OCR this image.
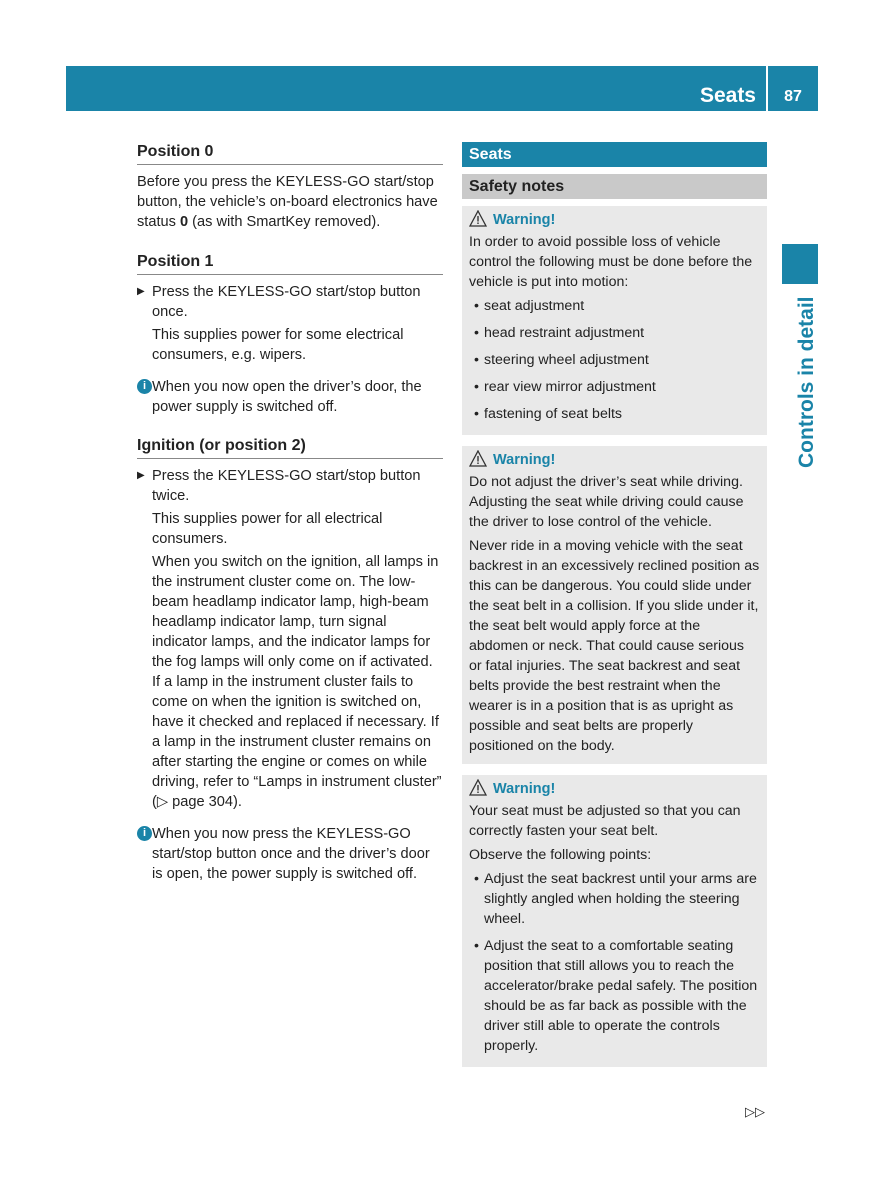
Seats	87
Controls in detail
Position 0

Before you press the KEYLESS-GO start/stop button, the vehicle’s on-board electronics have status 0 (as with SmartKey removed).

Position 1
▶ Press the KEYLESS-GO start/stop button once.

This supplies power for some electrical consumers, e.g. wipers.

i When you now open the driver’s door, the power supply is switched off.
Ignition (or position 2)
▶ Press the KEYLESS-GO start/stop button twice.

This supplies power for all electrical consumers.

When you switch on the ignition, all lamps in the instrument cluster come on. The low-beam headlamp indicator lamp, high-beam headlamp indicator lamp, turn signal indicator lamps, and the indicator lamps for the fog lamps will only come on if activated. If a lamp in the instrument cluster fails to come on when the ignition is switched on, have it checked and replaced if necessary. If a lamp in the instrument cluster remains on after starting the engine or comes on while driving, refer to “Lamps in instrument cluster” (▷ page 304).

i When you now press the KEYLESS-GO start/stop button once and the driver’s door is open, the power supply is switched off.
Seats
Safety notes
Warning!

In order to avoid possible loss of vehicle control the following must be done before the vehicle is put into motion:

• seat adjustment
• head restraint adjustment
• steering wheel adjustment
• rear view mirror adjustment
• fastening of seat belts
Warning!

Do not adjust the driver’s seat while driving. Adjusting the seat while driving could cause the driver to lose control of the vehicle.

Never ride in a moving vehicle with the seat backrest in an excessively reclined position as this can be dangerous. You could slide under the seat belt in a collision. If you slide under it, the seat belt would apply force at the abdomen or neck. That could cause serious or fatal injuries. The seat backrest and seat belts provide the best restraint when the wearer is in a position that is as upright as possible and seat belts are properly positioned on the body.

Warning!

Your seat must be adjusted so that you can correctly fasten your seat belt.

Observe the following points:

• Adjust the seat backrest until your arms are slightly angled when holding the steering wheel.
• Adjust the seat to a comfortable seating position that still allows you to reach the accelerator/brake pedal safely. The position should be as far back as possible with the driver still able to operate the controls properly.
▷▷
